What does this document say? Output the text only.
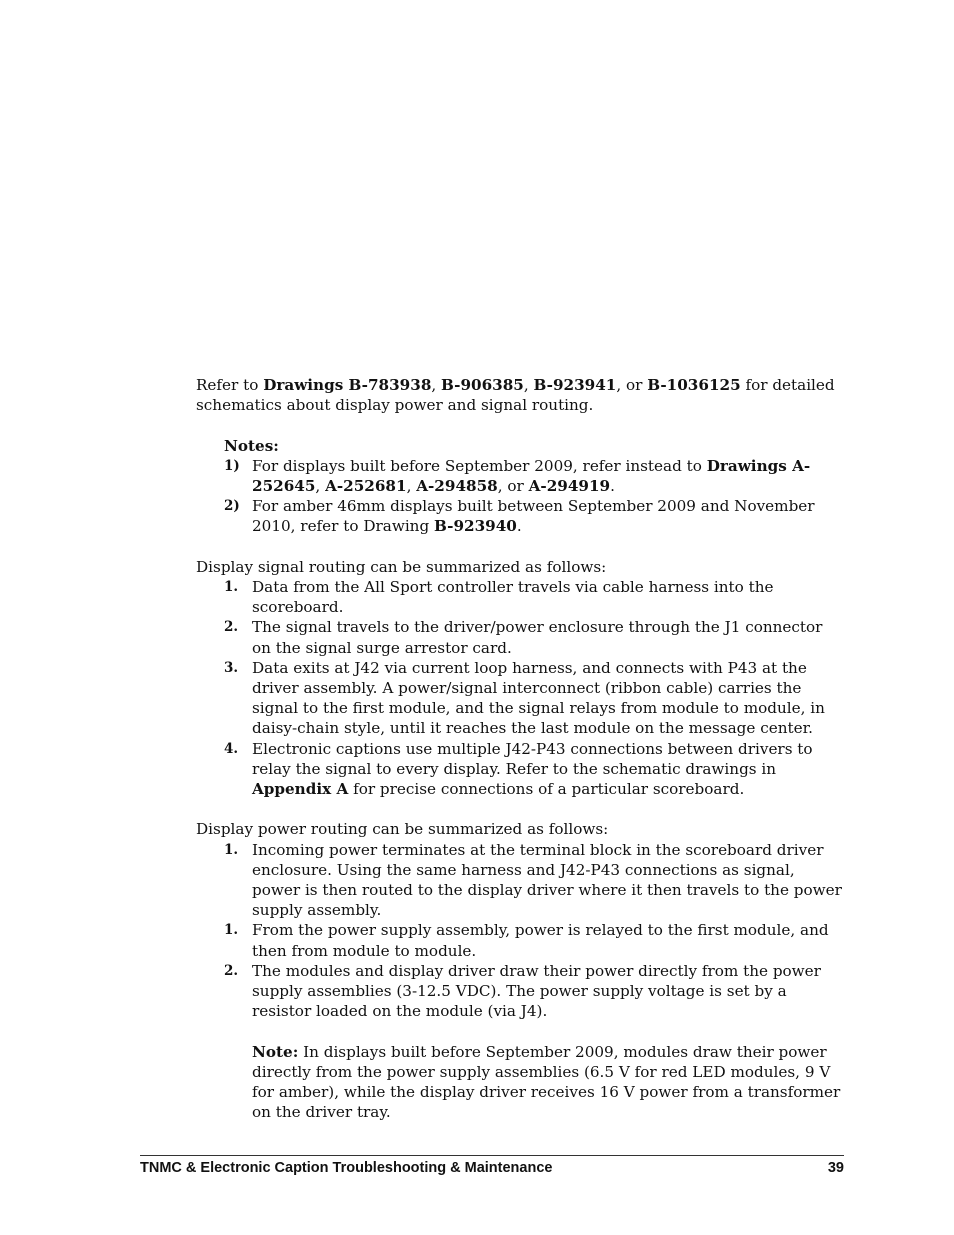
Refer to Drawings B-783938, B-906385, B-923941, or B-1036125 for detailed schematics about display power and signal routing.

Notes:

1) For displays built before September 2009, refer instead to Drawings A-252645, A-252681, A-294858, or A-294919.
2) For amber 46mm displays built between September 2009 and November 2010, refer to Drawing B-923940.

Display signal routing can be summarized as follows:

1. Data from the All Sport controller travels via cable harness into the scoreboard.
2. The signal travels to the driver/power enclosure through the J1 connector on the signal surge arrestor card.
3. Data exits at J42 via current loop harness, and connects with P43 at the driver assembly. A power/signal interconnect (ribbon cable) carries the signal to the first module, and the signal relays from module to module, in daisy-chain style, until it reaches the last module on the message center.
4. Electronic captions use multiple J42-P43 connections between drivers to relay the signal to every display. Refer to the schematic drawings in Appendix A for precise connections of a particular scoreboard.

Display power routing can be summarized as follows:

1. Incoming power terminates at the terminal block in the scoreboard driver enclosure. Using the same harness and J42-P43 connections as signal, power is then routed to the display driver where it then travels to the power supply assembly.
1. From the power supply assembly, power is relayed to the first module, and then from module to module.
2. The modules and display driver draw their power directly from the power supply assemblies (3-12.5 VDC). The power supply voltage is set by a resistor loaded on the module (via J4).

Note: In displays built before September 2009, modules draw their power directly from the power supply assemblies (6.5 V for red LED modules, 9 V for amber), while the display driver receives 16 V power from a transformer on the driver tray.

TNMC & Electronic Caption Troubleshooting & Maintenance	39
